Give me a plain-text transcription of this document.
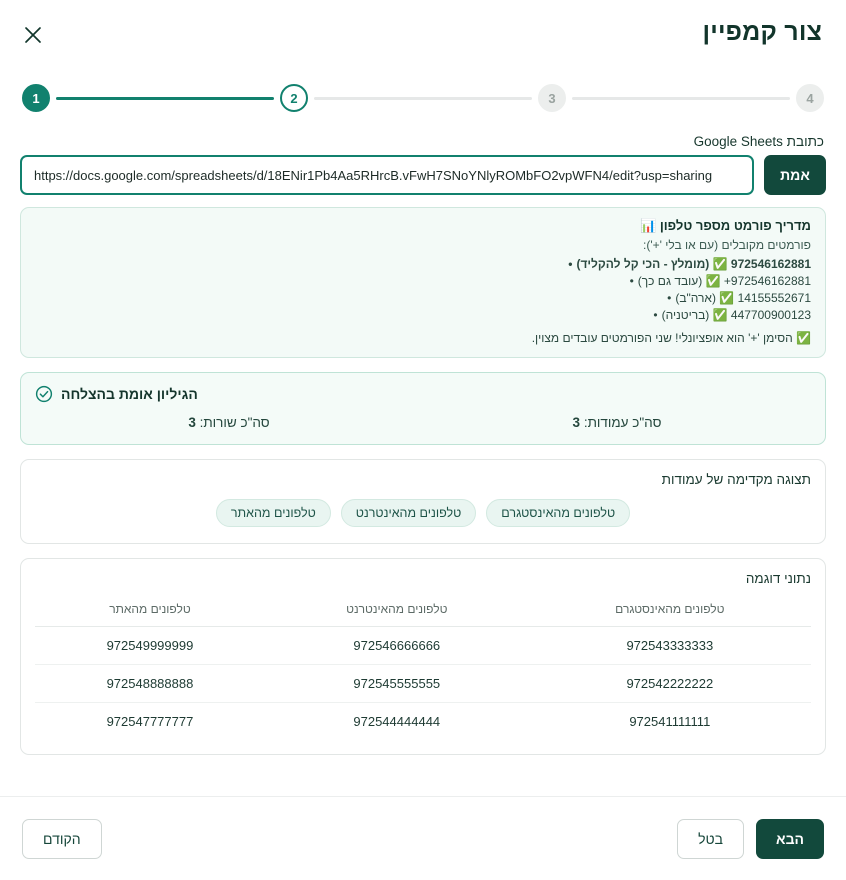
צור קמפיין
4
3
2
1
כתובת Google Sheets
https://docs.google.com/spreadsheets/d/18ENir1Pb4Aa5RHrcB.vFwH7SNoYNlyROMbFO2vpWFN4/edit?usp=sharing
אמת
מדריך פורמט מספר טלפון 📊
פורמטים מקובלים (עם או בלי '+'):
972546162881 ✅ (מומלץ - הכי קל להקליד)•
972546162881+ ✅ (עובד גם כך)•
14155552671 ✅ (ארה"ב)•
447700900123 ✅ (בריטניה)•
✅ הסימן '+' הוא אופציונלי! שני הפורמטים עובדים מצוין.
הגיליון אומת בהצלחה
סה"כ עמודות: 3
סה"כ שורות: 3
תצוגה מקדימה של עמודות
טלפונים מהאינסטגרם
טלפונים מהאינטרנט
טלפונים מהאתר
נתוני דוגמה
טלפונים מהאינסטגרם	טלפונים מהאינטרנט	טלפונים מהאתר
972543333333	972546666666	972549999999
972542222222	972545555555	972548888888
972541111111	972544444444	972547777777
הבא
בטל
הקודם
